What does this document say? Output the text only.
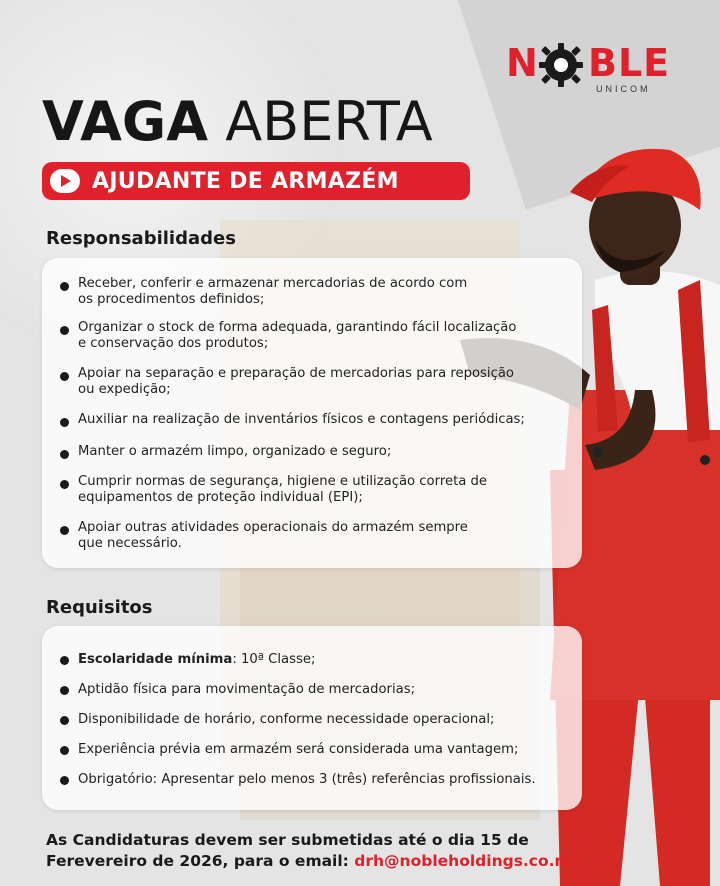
N BLE
UNICOM
VAGA ABERTA
AJUDANTE DE ARMAZÉM
Responsabilidades
Receber, conferir e armazenar mercadorias de acordo com
os procedimentos definidos;
Organizar o stock de forma adequada, garantindo fácil localização
e conservação dos produtos;
Apoiar na separação e preparação de mercadorias para reposição
ou expedição;
Auxiliar na realização de inventários físicos e contagens periódicas;
Manter o armazém limpo, organizado e seguro;
Cumprir normas de segurança, higiene e utilização correta de
equipamentos de proteção individual (EPI);
Apoiar outras atividades operacionais do armazém sempre
que necessário.
Requisitos
Escolaridade mínima: 10ª Classe;
Aptidão física para movimentação de mercadorias;
Disponibilidade de horário, conforme necessidade operacional;
Experiência prévia em armazém será considerada uma vantagem;
Obrigatório: Apresentar pelo menos 3 (três) referências profissionais.
As Candidaturas devem ser submetidas até o dia 15 de
Ferevereiro de 2026, para o email: drh@nobleholdings.co.mz
